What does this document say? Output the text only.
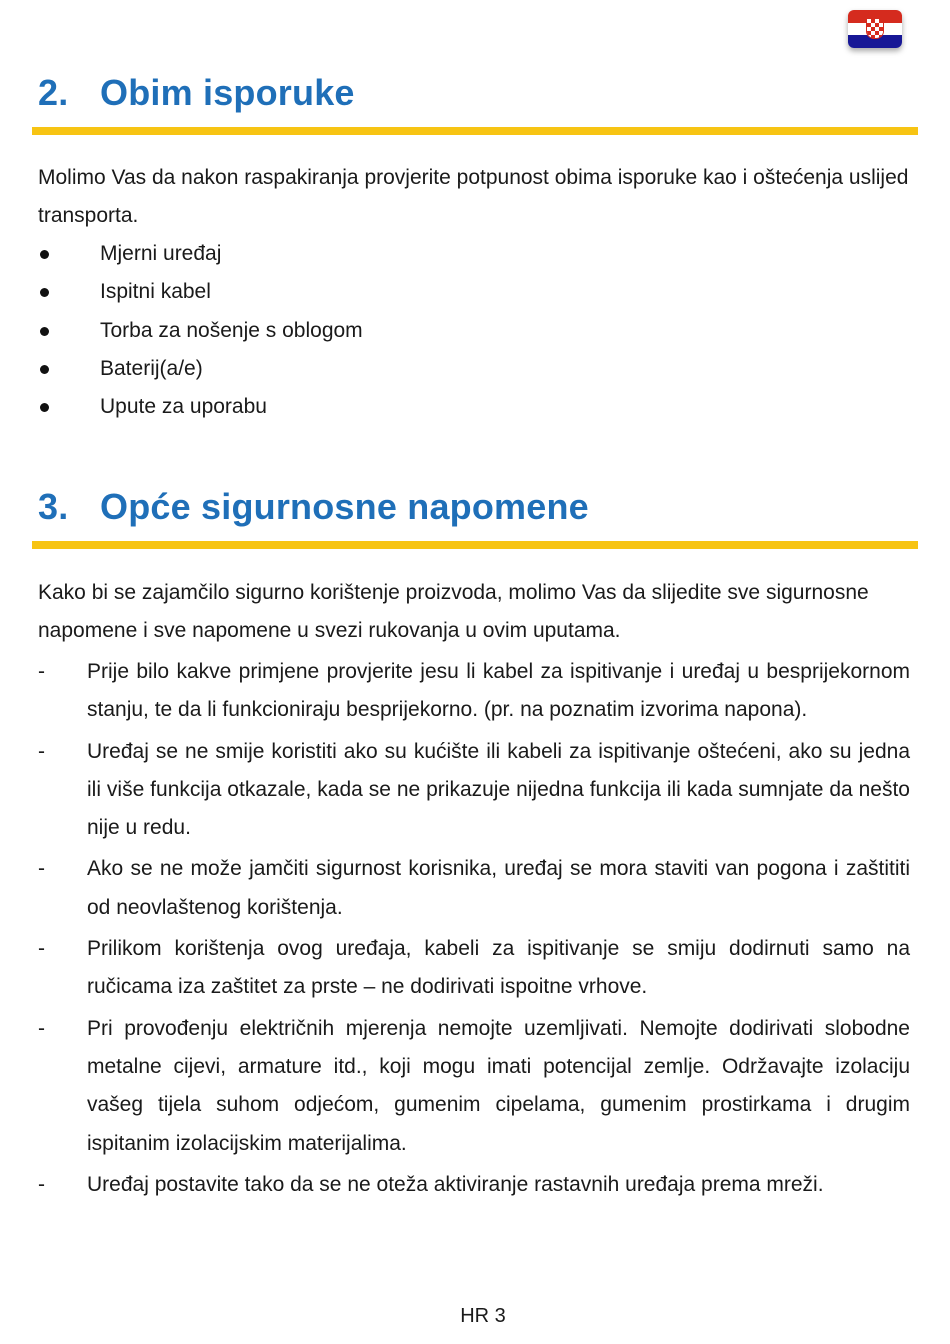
2. Obim isporuke
Molimo Vas da nakon raspakiranja provjerite potpunost obima isporuke kao i oštećenja uslijed transporta.
Mjerni uređaj
Ispitni kabel
Torba za nošenje s oblogom
Baterij(a/e)
Upute za uporabu
3. Opće sigurnosne napomene
Kako bi se zajamčilo sigurno korištenje proizvoda, molimo Vas da slijedite sve sigurnosne napomene i sve napomene u svezi rukovanja u ovim uputama.
- Prije bilo kakve primjene provjerite jesu li kabel za ispitivanje i uređaj u besprijekornom stanju, te da li funkcioniraju besprijekorno. (pr. na poznatim izvorima napona).
- Uređaj se ne smije koristiti ako su kućište ili kabeli za ispitivanje oštećeni, ako su jedna ili više funkcija otkazale, kada se ne prikazuje nijedna funkcija ili kada sumnjate da nešto nije u redu.
- Ako se ne može jamčiti sigurnost korisnika, uređaj se mora staviti van pogona i zaštititi od neovlaštenog korištenja.
- Prilikom korištenja ovog uređaja, kabeli za ispitivanje se smiju dodirnuti samo na ručicama iza zaštitet za prste – ne dodirivati ispoitne vrhove.
- Pri provođenju električnih mjerenja nemojte uzemljivati. Nemojte dodirivati slobodne metalne cijevi, armature itd., koji mogu imati potencijal zemlje. Održavajte izolaciju vašeg tijela suhom odjećom, gumenim cipelama, gumenim prostirkama i drugim ispitanim izolacijskim materijalima.
- Uređaj postavite tako da se ne oteža aktiviranje rastavnih uređaja prema mreži.
HR 3
